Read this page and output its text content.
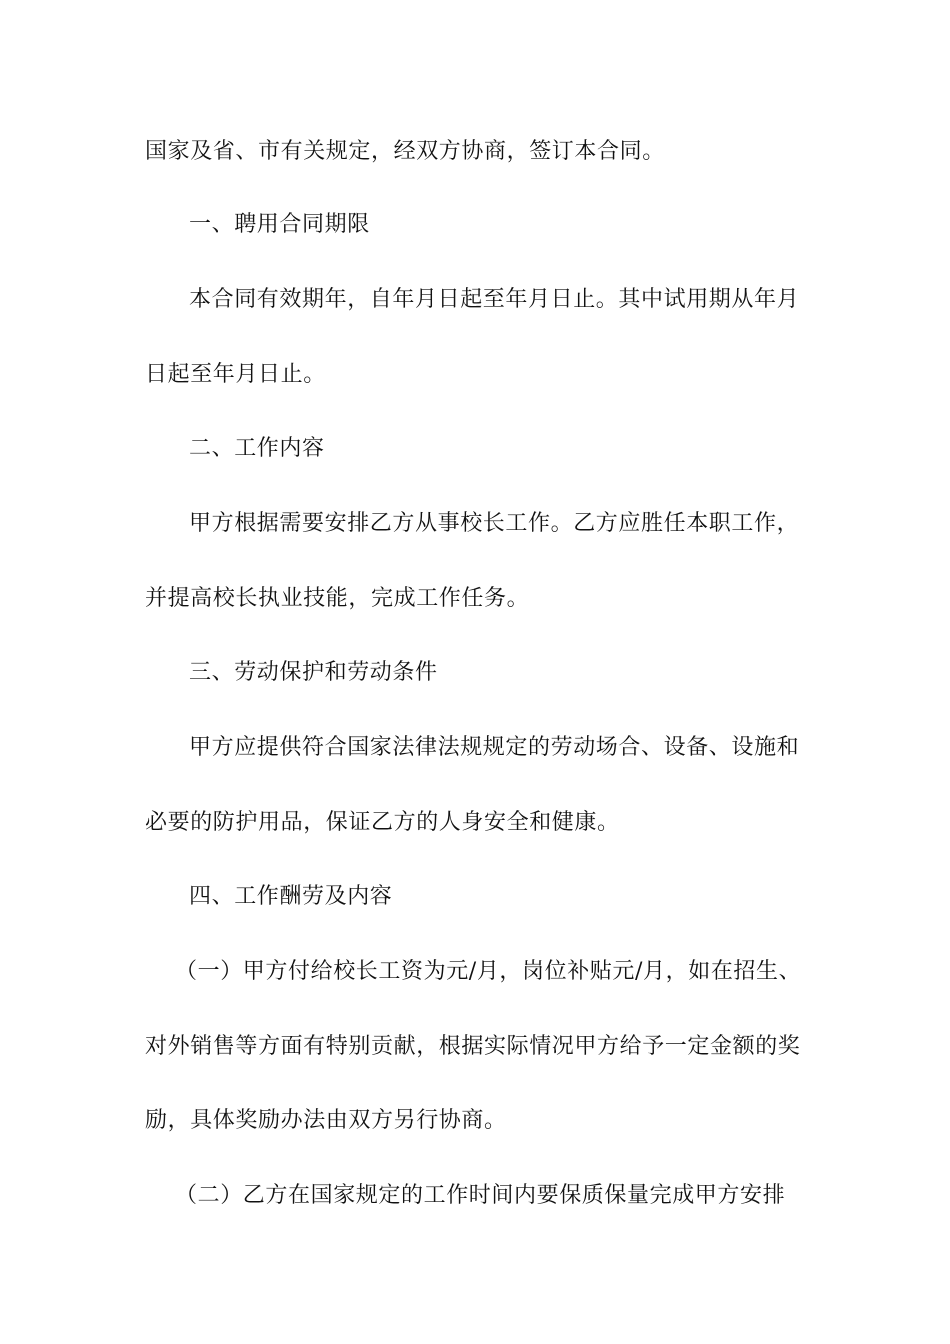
国家及省、市有关规定，经双方协商，签订本合同。
一、聘用合同期限
本合同有效期年，自年月日起至年月日止。其中试用期从年月
日起至年月日止。
二、工作内容
甲方根据需要安排乙方从事校长工作。乙方应胜任本职工作，
并提高校长执业技能，完成工作任务。
三、劳动保护和劳动条件
甲方应提供符合国家法律法规规定的劳动场合、设备、设施和
必要的防护用品，保证乙方的人身安全和健康。
四、工作酬劳及内容
（一）甲方付给校长工资为元/月，岗位补贴元/月，如在招生、
对外销售等方面有特别贡献，根据实际情况甲方给予一定金额的奖
励，具体奖励办法由双方另行协商。
（二）乙方在国家规定的工作时间内要保质保量完成甲方安排
